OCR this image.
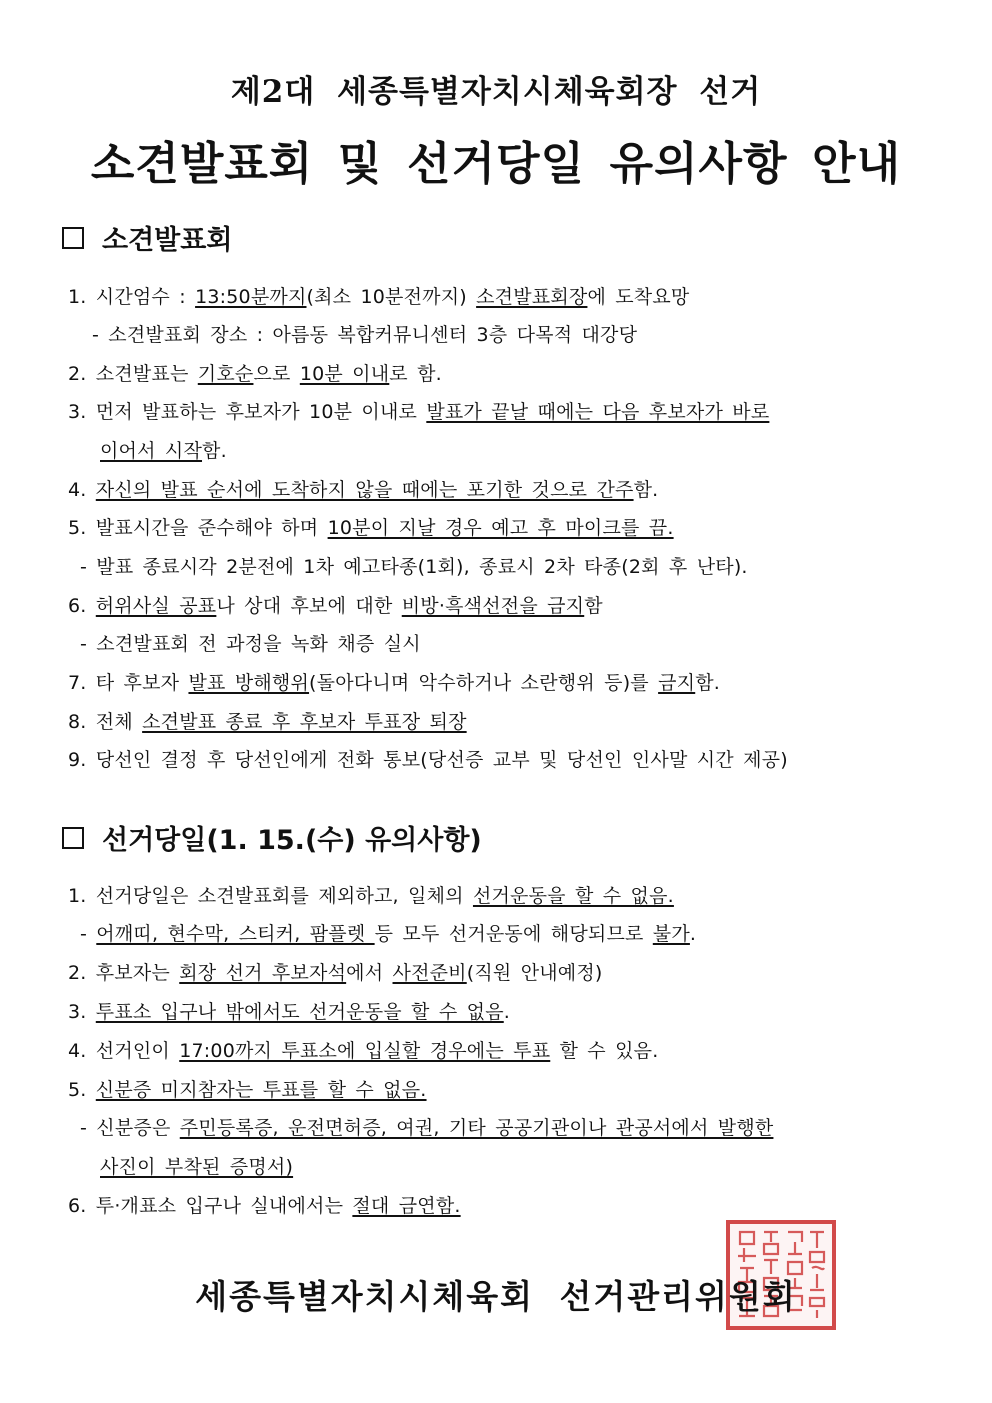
제2대 세종특별자치시체육회장 선거
소견발표회 및 선거당일 유의사항 안내
소견발표회
1. 시간엄수 : 13:50분까지(최소 10분전까지) 소견발표회장에 도착요망
- 소견발표회 장소 : 아름동 복합커뮤니센터 3층 다목적 대강당
2. 소견발표는 기호순으로 10분 이내로 함.
3. 먼저 발표하는 후보자가 10분 이내로 발표가 끝날 때에는 다음 후보자가 바로
이어서 시작함.
4. 자신의 발표 순서에 도착하지 않을 때에는 포기한 것으로 간주함.
5. 발표시간을 준수해야 하며 10분이 지날 경우 예고 후 마이크를 끔.
- 발표 종료시각 2분전에 1차 예고타종(1회), 종료시 2차 타종(2회 후 난타).
6. 허위사실 공표나 상대 후보에 대한 비방·흑색선전을 금지함
- 소견발표회 전 과정을 녹화 채증 실시
7. 타 후보자 발표 방해행위(돌아다니며 악수하거나 소란행위 등)를 금지함.
8. 전체 소견발표 종료 후 후보자 투표장 퇴장
9. 당선인 결정 후 당선인에게 전화 통보(당선증 교부 및 당선인 인사말 시간 제공)
선거당일(1. 15.(수) 유의사항)
1. 선거당일은 소견발표회를 제외하고, 일체의 선거운동을 할 수 없음.
- 어깨띠, 현수막, 스티커, 팜플렛 등 모두 선거운동에 해당되므로 불가.
2. 후보자는 회장 선거 후보자석에서 사전준비(직원 안내예정)
3. 투표소 입구나 밖에서도 선거운동을 할 수 없음.
4. 선거인이 17:00까지 투표소에 입실할 경우에는 투표 할 수 있음.
5. 신분증 미지참자는 투표를 할 수 없음.
- 신분증은 주민등록증, 운전면허증, 여권, 기타 공공기관이나 관공서에서 발행한
사진이 부착된 증명서)
6. 투·개표소 입구나 실내에서는 절대 금연함.
세종특별자치시체육회 선거관리위원회
